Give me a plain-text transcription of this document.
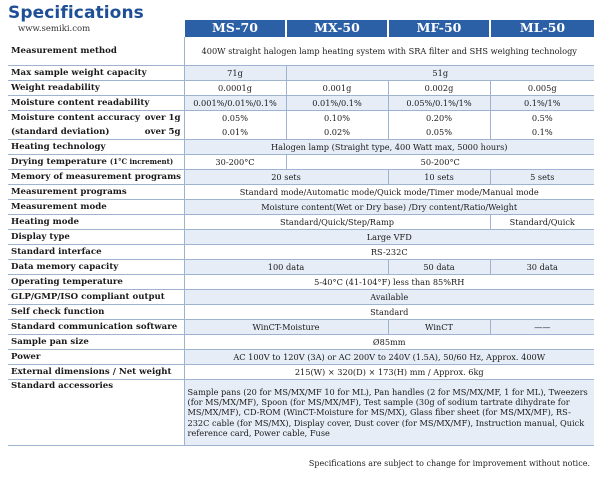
Specifications
www.semiki.com
		MS-70	MX-50	MF-50	ML-50
Measurement method	400W straight halogen lamp heating system with SRA filter and SHS weighing technology			
Max sample weight capacity	71g	51g		
Weight readability	0.0001g	0.001g	0.002g	0.005g
Moisture content readability	0.001%/0.01%/0.1%	0.01%/0.1%	0.05%/0.1%/1%	0.1%/1%

Moisture content accuracy over 1g	0.05%	0.10%	0.20%	0.5%

(standard deviation) over 5g	0.01%	0.02%	0.05%	0.1%
Heating technology	Halogen lamp (Straight type, 400 Watt max, 5000 hours)			
Drying temperature (1°C increment)	30-200°C	50-200°C		
Memory of measurement programs	20 sets		10 sets	5 sets
Measurement programs	Standard mode/Automatic mode/Quick mode/Timer mode/Manual mode			
Measurement mode	Moisture content(Wet or Dry base) /Dry content/Ratio/Weight			
Heating mode	Standard/Quick/Step/Ramp			Standard/Quick
Display type	Large VFD			
Standard interface	RS-232C			
Data memory capacity	100 data		50 data	30 data
Operating temperature	5-40°C (41-104°F) less than 85%RH			
GLP/GMP/ISO compliant output	Available			
Self check function	Standard			
Standard communication software	WinCT-Moisture		WinCT	——
Sample pan size	Ø85mm			
Power	AC 100V to 120V (3A) or AC 200V to 240V (1.5A), 50/60 Hz, Approx. 400W			
External dimensions / Net weight	215(W) × 320(D) × 173(H) mm / Approx. 6kg			
Standard accessories	Sample pans (20 for MS/MX/MF 10 for ML), Pan handles (2 for MS/MX/MF, 1 for ML), Tweezers (for MS/MX/MF), Spoon (for MS/MX/MF), Test sample (30g of sodium tartrate dihydrate for MS/MX/MF), CD-ROM (WinCT-Moisture for MS/MX), Glass fiber sheet (for MS/MX/MF), RS-232C cable (for MS/MX), Display cover, Dust cover (for MS/MX/MF), Instruction manual, Quick reference card, Power cable, Fuse			
Specifications are subject to change for improvement without notice.
